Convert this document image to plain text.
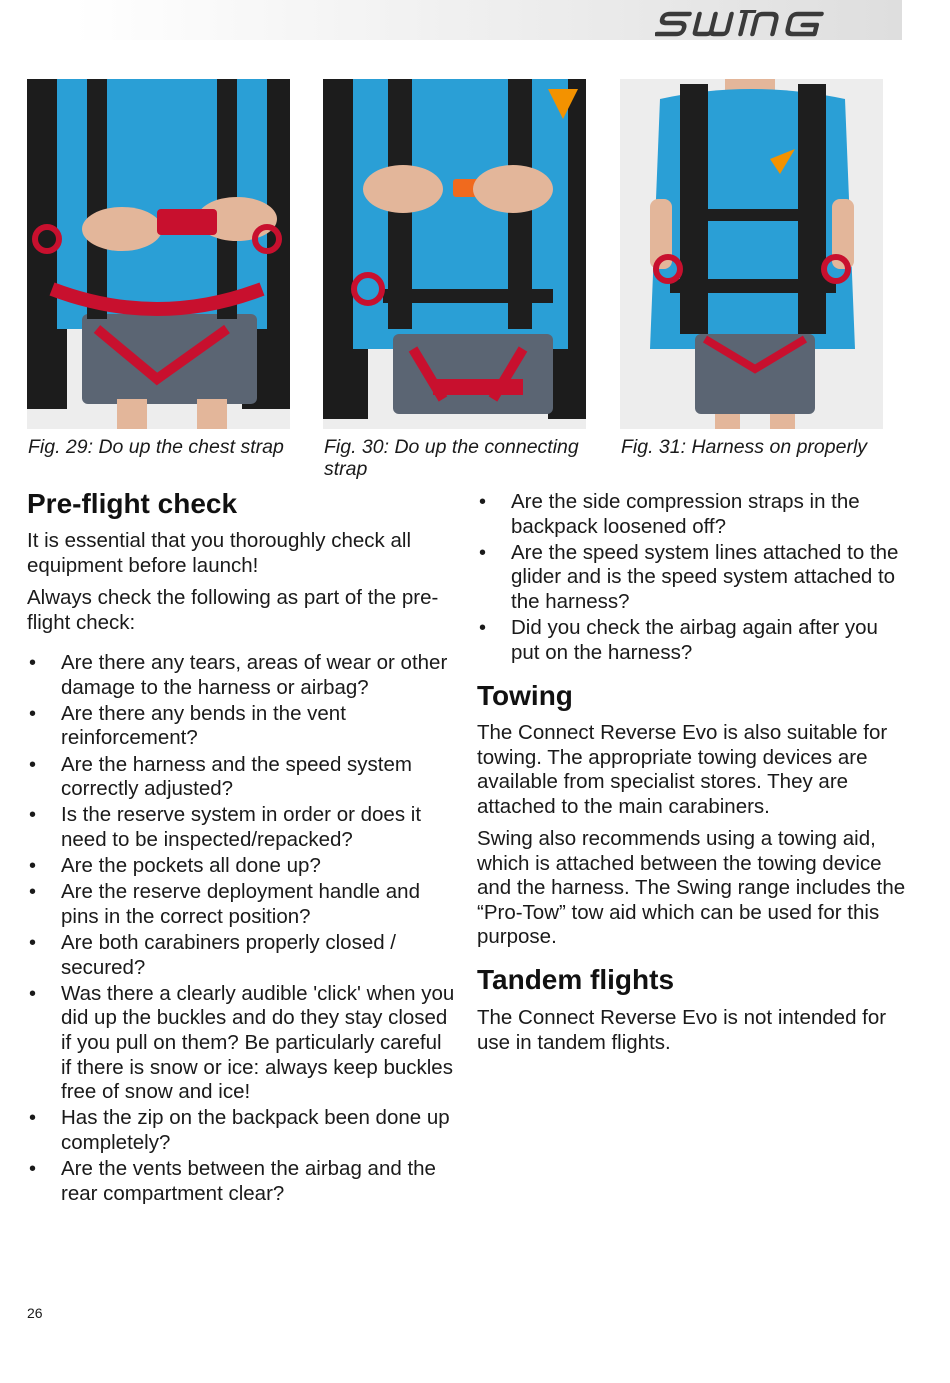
Fig. 29: Do up the chest strap	Fig. 30: Do up the connecting strap
Fig. 31: Harness on properly
Pre-flight check

It is essential that you thoroughly check all equipment before launch!

Always check the following as part of the pre-flight check:

• Are there any tears, areas of wear or other damage to the harness or airbag?
• Are there any bends in the vent reinforcement?
• Are the harness and the speed system correctly adjusted?
• Is the reserve system in order or does it need to be inspected/repacked?
• Are the pockets all done up?
• Are the reserve deployment handle and pins in the correct position?
• Are both carabiners properly closed / secured?
• Was there a clearly audible 'click' when you did up the buckles and do they stay closed if you pull on them? Be particularly careful if there is snow or ice: always keep buckles free of snow and ice!
• Has the zip on the backpack been done up completely?
• Are the vents between the airbag and the rear compartment clear?
• Are the side compression straps in the backpack loosened off?
• Are the speed system lines attached to the glider and is the speed system attached to the harness?
• Did you check the airbag again after you put on the harness?
Towing

The Connect Reverse Evo is also suitable for towing. The appropriate towing devices are available from specialist stores. They are attached to the main carabiners.

Swing also recommends using a towing aid, which is attached between the towing device and the harness. The Swing range includes the “Pro-Tow” tow aid which can be used for this purpose.

Tandem flights

The Connect Reverse Evo is not intended for use in tandem flights.

26
